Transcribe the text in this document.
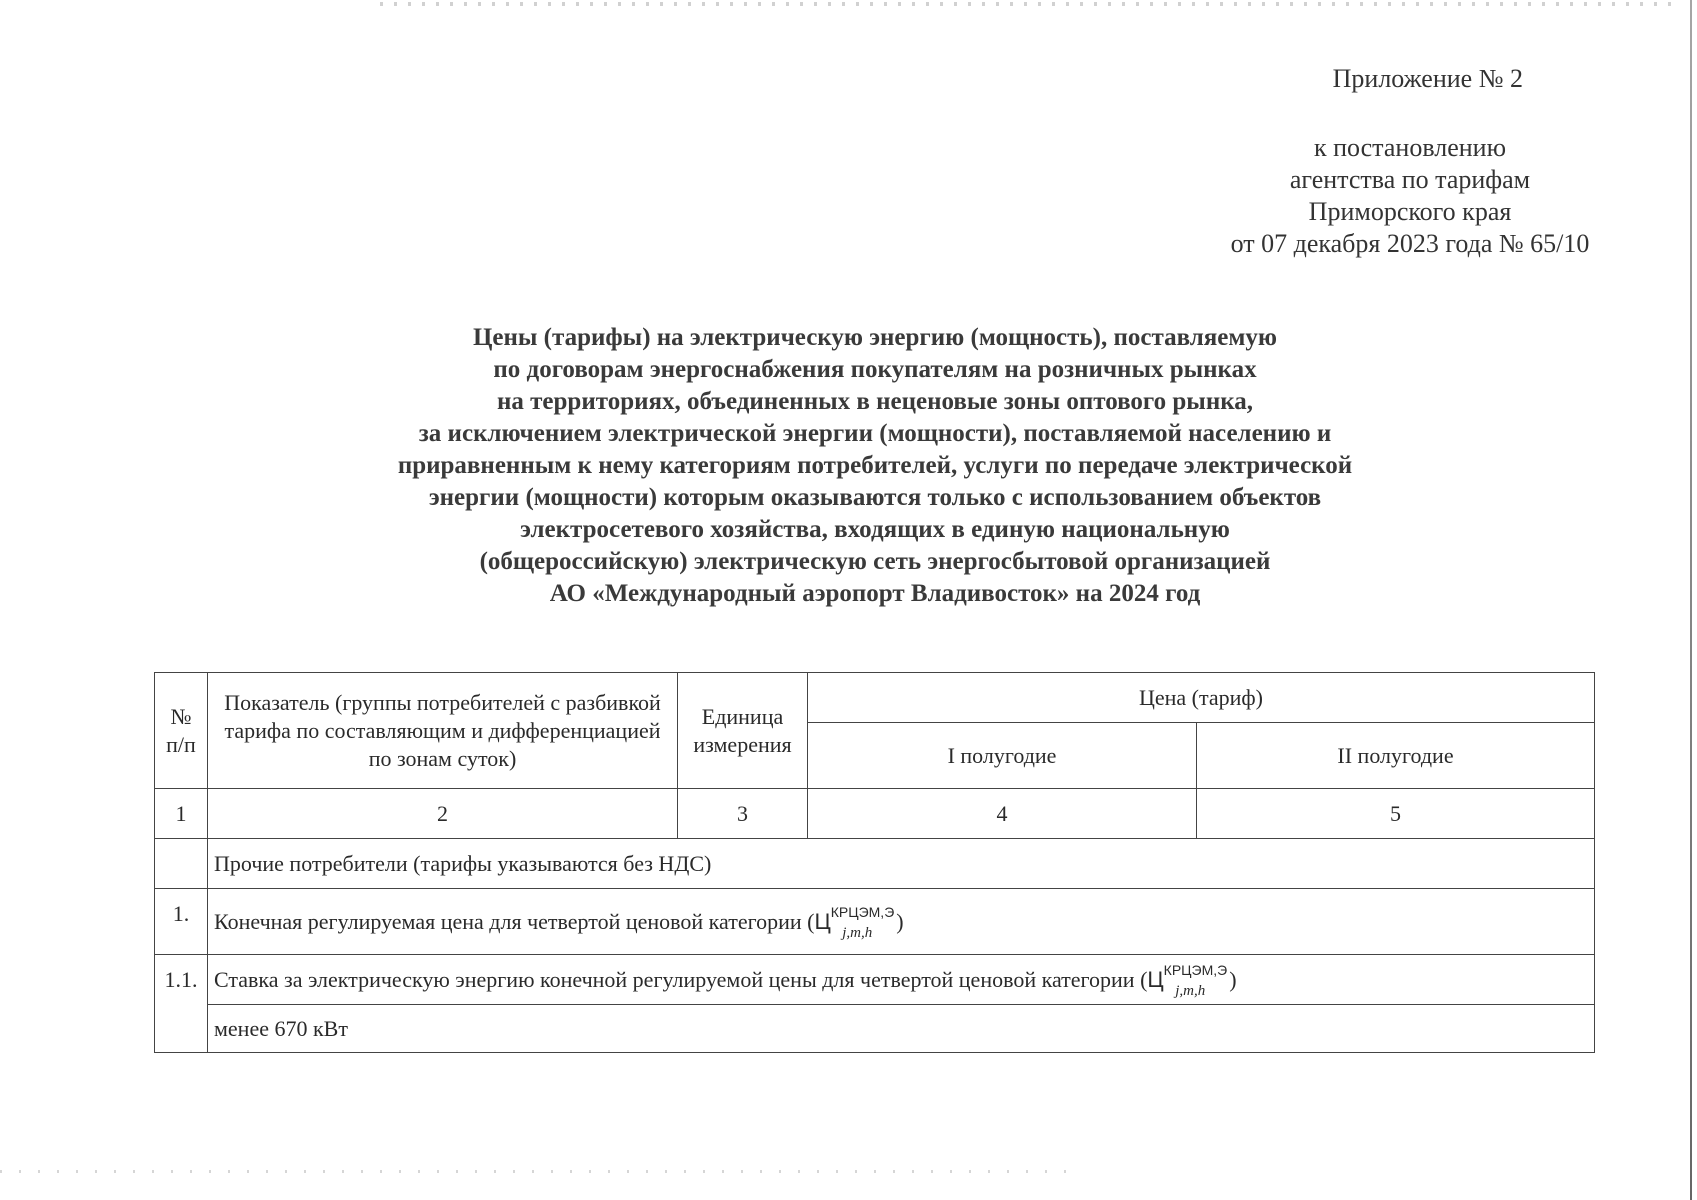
Приложение № 2
к постановлению
агентства по тарифам
Приморского края
от 07 декабря 2023 года № 65/10
Цены (тарифы) на электрическую энергию (мощность), поставляемую
по договорам энергоснабжения покупателям на розничных рынках
на территориях, объединенных в неценовые зоны оптового рынка,
за исключением электрической энергии (мощности), поставляемой населению и
приравненным к нему категориям потребителей, услуги по передаче электрической
энергии (мощности) которым оказываются только с использованием объектов
электросетевого хозяйства, входящих в единую национальную
(общероссийскую) электрическую сеть энергосбытовой организацией
АО «Международный аэропорт Владивосток» на 2024 год
№
п/п	Показатель (группы потребителей с разбивкой тарифа по составляющим и дифференциацией по зонам суток)	Единица измерения	Цена (тариф)	
			I полугодие	II полугодие
1	2	3	4	5
	Прочие потребители (тарифы указываются без НДС)			
1.	Конечная регулируемая цена для четвертой ценовой категории ($Ц^{КРЦЭМ,Э}_{j,m,h}$ )			
1.1.	Ставка за электрическую энергию конечной регулируемой цены для четвертой ценовой категории ($Ц^{КРЦЭМ,Э}_{j,m,h}$ )			
	менее 670 кВт			
